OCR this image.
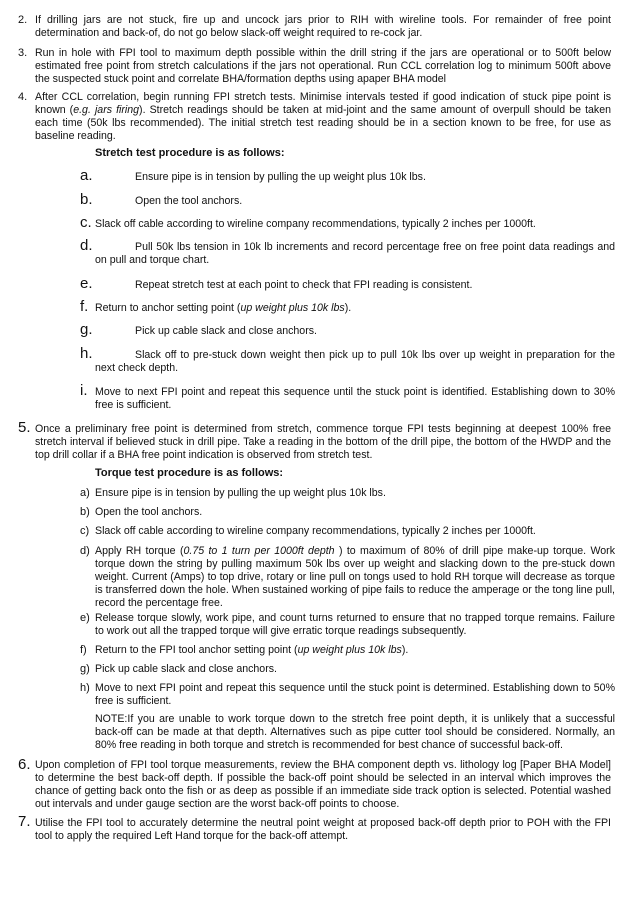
2. If drilling jars are not stuck, fire up and uncock jars prior to RIH with wireline tools. For remainder of free point determination and back-of, do not go below slack-off weight required to re-cock jar.
3. Run in hole with FPI tool to maximum depth possible within the drill string if the jars are operational or to 500ft below estimated free point from stretch calculations if the jars not operational. Run CCL correlation log to minimum 500ft above the suspected stuck point and correlate BHA/formation depths using apaper BHA model
4. After CCL correlation, begin running FPI stretch tests. Minimise intervals tested if good indication of stuck pipe point is known (e.g. jars firing). Stretch readings should be taken at mid-joint and the same amount of overpull should be taken each time (50k lbs recommended). The initial stretch test reading should be in a section known to be free, for use as baseline reading.
Stretch test procedure is as follows:
a.	Ensure pipe is in tension by pulling the up weight plus 10k lbs.
b.	Open the tool anchors.
c. Slack off cable according to wireline company recommendations, typically 2 inches per 1000ft.
d.	Pull 50k lbs tension in 10k lb increments and record percentage free on free point data readings and on pull and torque chart.
e.	Repeat stretch test at each point to check that FPI reading is consistent.
f. Return to anchor setting point (up weight plus 10k lbs).
g.	Pick up cable slack and close anchors.
h.	Slack off to pre-stuck down weight then pick up to pull 10k lbs over up weight in preparation for the next check depth.
i. Move to next FPI point and repeat this sequence until the stuck point is identified. Establishing down to 30% free is sufficient.
5. Once a preliminary free point is determined from stretch, commence torque FPI tests beginning at deepest 100% free stretch interval if believed stuck in drill pipe. Take a reading in the bottom of the drill pipe, the bottom of the HWDP and the top drill collar if a BHA free point indication is observed from stretch test.
Torque test procedure is as follows:
a) Ensure pipe is in tension by pulling the up weight plus 10k lbs.
b) Open the tool anchors.
c) Slack off cable according to wireline company recommendations, typically 2 inches per 1000ft.
d) Apply RH torque (0.75 to 1 turn per 1000ft depth ) to maximum of 80% of drill pipe make-up torque. Work torque down the string by pulling maximum 50k lbs over up weight and slacking down to the pre-stuck down weight. Current (Amps) to top drive, rotary or line pull on tongs used to hold RH torque will decrease as torque is transferred down the hole. When sustained working of pipe fails to reduce the amperage or the tong line pull, record the percentage free.
e) Release torque slowly, work pipe, and count turns returned to ensure that no trapped torque remains. Failure to work out all the trapped torque will give erratic torque readings subsequently.
f) Return to the FPI tool anchor setting point (up weight plus 10k lbs).
g) Pick up cable slack and close anchors.
h) Move to next FPI point and repeat this sequence until the stuck point is determined. Establishing down to 50% free is sufficient.
NOTE:If you are unable to work torque down to the stretch free point depth, it is unlikely that a successful back-off can be made at that depth. Alternatives such as pipe cutter tool should be considered. Normally, an 80% free reading in both torque and stretch is recommended for best chance of successful back-off.
6. Upon completion of FPI tool torque measurements, review the BHA component depth vs. lithology log [Paper BHA Model] to determine the best back-off depth. If possible the back-off point should be selected in an interval which improves the chance of getting back onto the fish or as deep as possible if an immediate side track option is selected. Potential washed out intervals and under gauge section are the worst back-off points to choose.
7. Utilise the FPI tool to accurately determine the neutral point weight at proposed back-off depth prior to POH with the FPI tool to apply the required Left Hand torque for the back-off attempt.
